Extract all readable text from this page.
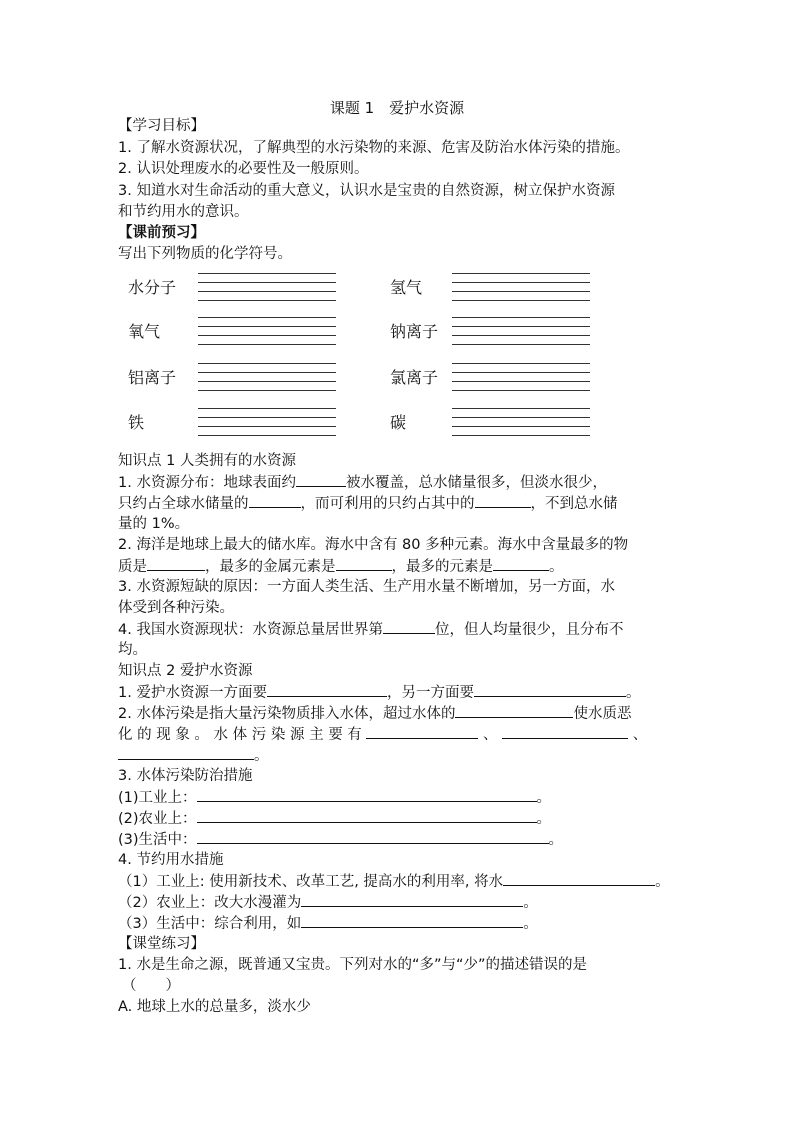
课题 1　爱护水资源
【学习目标】
1. 了解水资源状况，了解典型的水污染物的来源、危害及防治水体污染的措施。
2. 认识处理废水的必要性及一般原则。
3. 知道水对生命活动的重大意义，认识水是宝贵的自然资源，树立保护水资源
和节约用水的意识。
【课前预习】
写出下列物质的化学符号。
水分子	氢气
氧气	钠离子
铝离子	氯离子
铁	碳
知识点 1 人类拥有的水资源
1. 水资源分布：地球表面约	被水覆盖，总水储量很多，但淡水很少，
只约占全球水储量的	，而可利用的只约占其中的	，不到总水储
量的 1%。
2. 海洋是地球上最大的储水库。海水中含有 80 多种元素。海水中含量最多的物
质是	，最多的金属元素是	，最多的元素是	。
3. 水资源短缺的原因：一方面人类生活、生产用水量不断增加，另一方面，水
体受到各种污染。
4. 我国水资源现状：水资源总量居世界第	位，但人均量很少，且分布不
均。
知识点 2 爱护水资源
1. 爱护水资源一方面要	，另一方面要	。
2. 水体污染是指大量污染物质排入水体，超过水体的	使水质恶
化 的 现 象 。 水 体 污 染 源 主 要 有	、	、
。
3. 水体污染防治措施
(1)工业上：	。
(2)农业上：	。
(3)生活中：	。
4. 节约用水措施
（1）工业上: 使用新技术、改革工艺, 提高水的利用率, 将水	。
（2）农业上：改大水漫灌为	。
（3）生活中：综合利用，如	。
【课堂练习】
1. 水是生命之源，既普通又宝贵。下列对水的“多”与“少”的描述错误的是
（　　）
A. 地球上水的总量多，淡水少
